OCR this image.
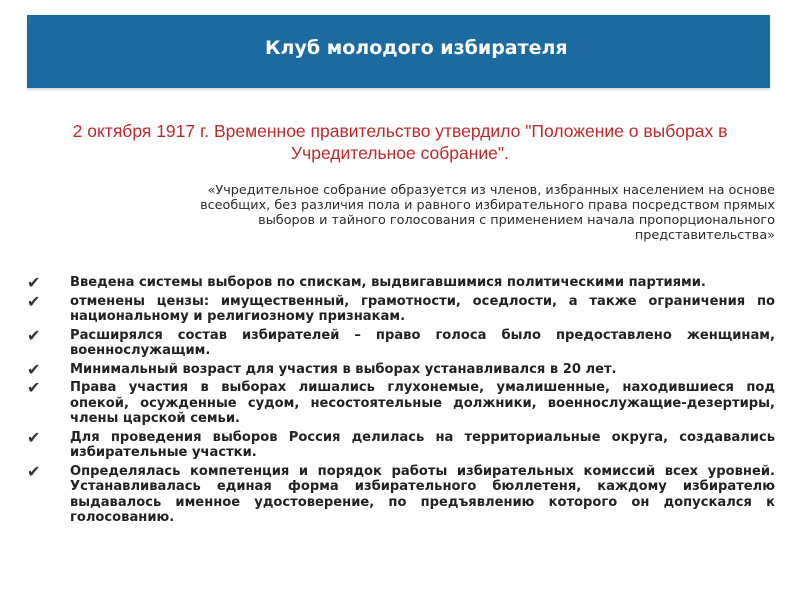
Клуб молодого избирателя

2 октября 1917 г. Временное правительство утвердило "Положение о выборах в Учредительное собрание".

«Учредительное собрание образуется из членов, избранных населением на основе всеобщих, без различия пола и равного избирательного права посредством прямых выборов и тайного голосования с применением начала пропорционального представительства»

✔ Введена системы выборов по спискам, выдвигавшимися политическими партиями.
✔ отменены цензы: имущественный, грамотности, оседлости, а также ограничения по национальному и религиозному признакам.
✔ Расширялся состав избирателей – право голоса было предоставлено женщинам, военнослужащим.
✔ Минимальный возраст для участия в выборах устанавливался в 20 лет.
✔ Права участия в выборах лишались глухонемые, умалишенные, находившиеся под опекой, осужденные судом, несостоятельные должники, военнослужащие-дезертиры, члены царской семьи.
✔ Для проведения выборов Россия делилась на территориальные округа, создавались избирательные участки.
✔ Определялась компетенция и порядок работы избирательных комиссий всех уровней. Устанавливалась единая форма избирательного бюллетеня, каждому избирателю выдавалось именное удостоверение, по предъявлению которого он допускался к голосованию.
